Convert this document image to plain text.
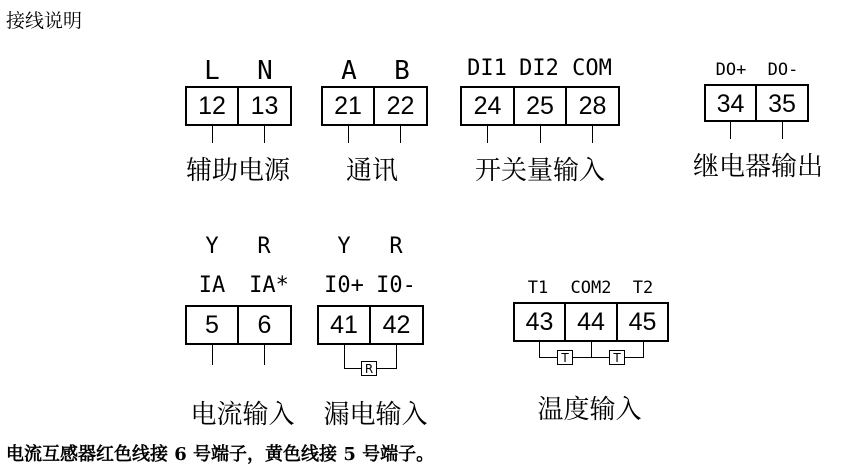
接线说明
L N
12 13
辅助电源
A B
21 22
通讯
DI1 DI2 COM
24 25 28
开关量输入
DO+	DO-
34 35
继电器输出
Y	R
IA	IA*
5	6
电流输入
Y	R
I0+ I0-
41 42
R
漏电输入
T1	COM2	T2
43 44 45
T	T
温度输入
电流互感器红色线接 6 号端子，黄色线接 5 号端子。
